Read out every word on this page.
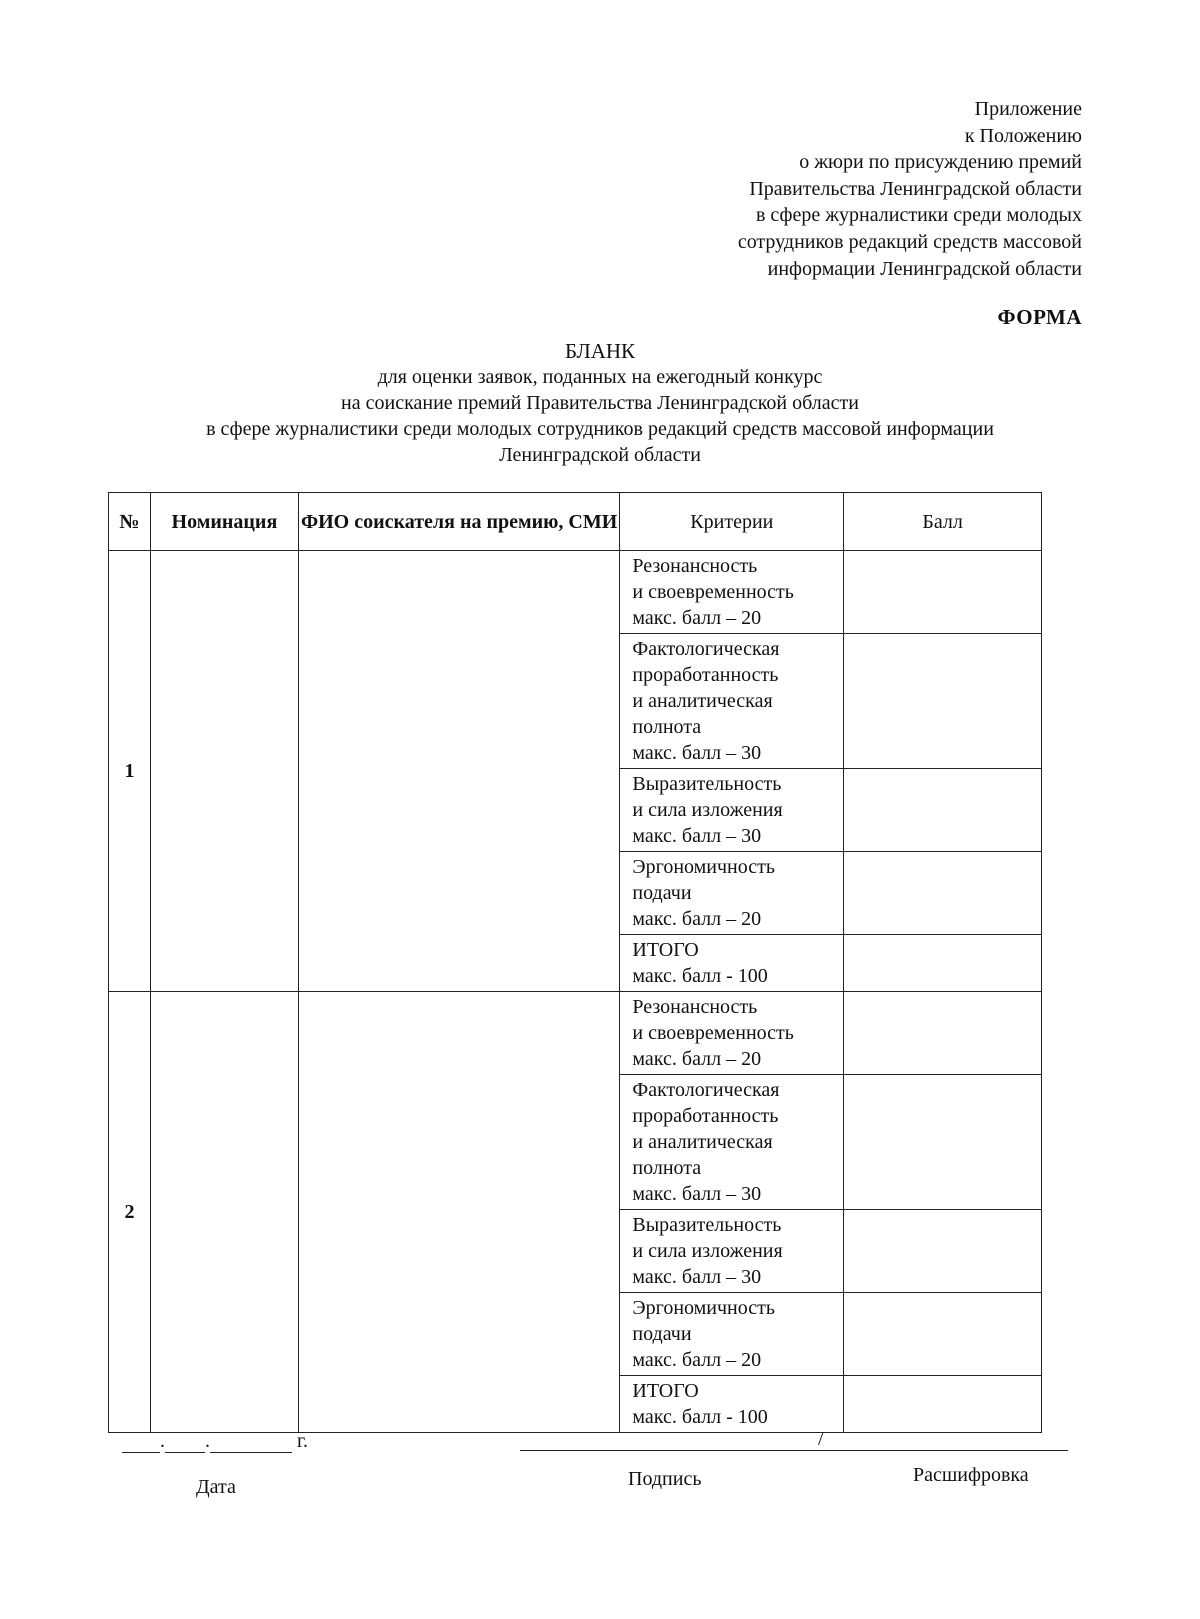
Приложение
к Положению
о жюри по присуждению премий
Правительства Ленинградской области
в сфере журналистики среди молодых
сотрудников редакций средств массовой
информации Ленинградской области
ФОРМА
БЛАНК
для оценки заявок, поданных на ежегодный конкурс
на соискание премий Правительства Ленинградской области
в сфере журналистики среди молодых сотрудников редакций средств массовой информации
Ленинградской области
№	Номинация	ФИО соискателя на премию, СМИ	Критерии	Балл
1			Резонансность
и своевременность
макс. балл – 20	

			Фактологическая
проработанность
и аналитическая
полнота
макс. балл – 30	

			Выразительность
и сила изложения
макс. балл – 30	

			Эргономичность
подачи
макс. балл – 20	

			ИТОГО
макс. балл - 100	

2			Резонансность
и своевременность
макс. балл – 20	

			Фактологическая
проработанность
и аналитическая
полнота
макс. балл – 30	

			Выразительность
и сила изложения
макс. балл – 30	

			Эргономичность
подачи
макс. балл – 20	

			ИТОГО
макс. балл - 100	

. .	г.
Дата
/
Подпись	Расшифровка
